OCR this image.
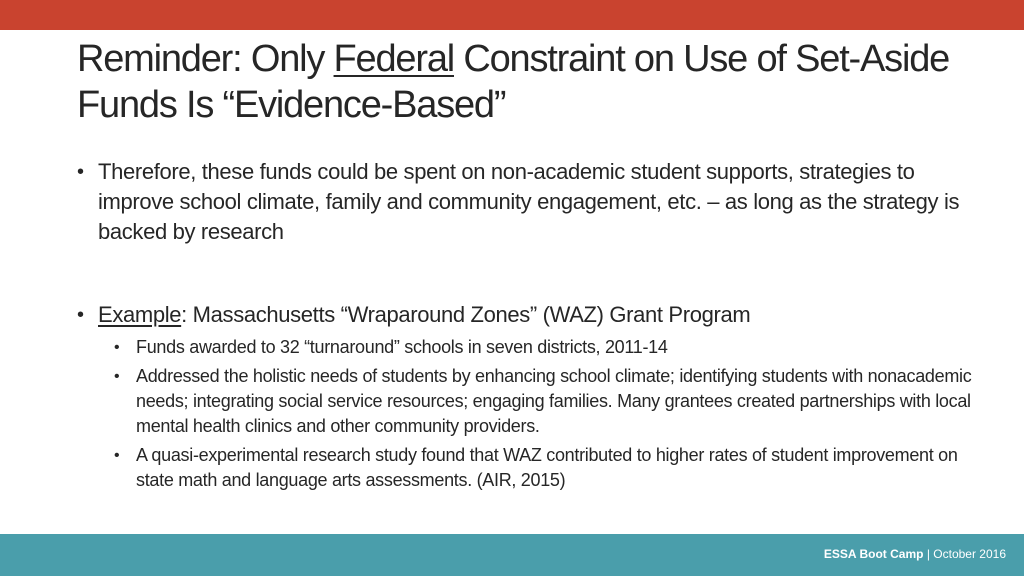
Reminder: Only Federal Constraint on Use of Set-Aside Funds Is “Evidence-Based”
• Therefore, these funds could be spent on non-academic student supports, strategies to improve school climate, family and community engagement, etc. – as long as the strategy is backed by research
• Example: Massachusetts “Wraparound Zones” (WAZ) Grant Program
• Funds awarded to 32 “turnaround” schools in seven districts, 2011-14
• Addressed the holistic needs of students by enhancing school climate; identifying students with nonacademic needs; integrating social service resources; engaging families. Many grantees created partnerships with local mental health clinics and other community providers.
• A quasi-experimental research study found that WAZ contributed to higher rates of student improvement on state math and language arts assessments. (AIR, 2015)
ESSA Boot Camp | October 2016
